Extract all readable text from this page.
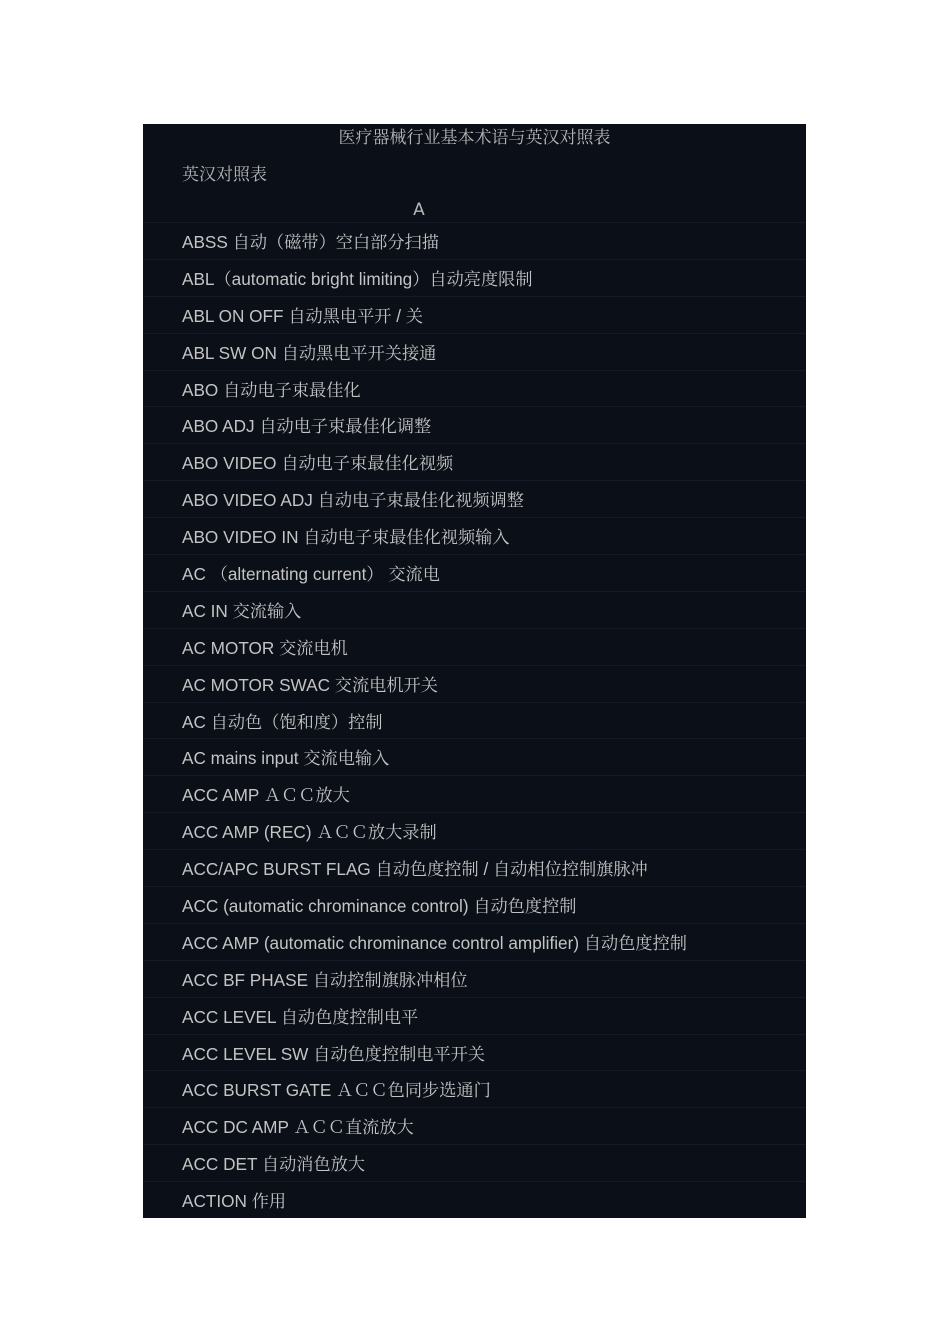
医疗器械行业基本术语与英汉对照表
英汉对照表
A
ABSS 自动（磁带）空白部分扫描
ABL（automatic bright limiting）自动亮度限制
ABL ON OFF 自动黑电平开 / 关
ABL SW ON 自动黑电平开关接通
ABO 自动电子束最佳化
ABO ADJ 自动电子束最佳化调整
ABO VIDEO 自动电子束最佳化视频
ABO VIDEO ADJ 自动电子束最佳化视频调整
ABO VIDEO IN 自动电子束最佳化视频输入
AC （alternating current） 交流电
AC IN 交流输入
AC MOTOR 交流电机
AC MOTOR SWAC 交流电机开关
AC 自动色（饱和度）控制
AC mains input 交流电输入
ACC AMP ＡＣＣ放大
ACC AMP (REC) ＡＣＣ放大录制
ACC/APC BURST FLAG 自动色度控制 / 自动相位控制旗脉冲
ACC (automatic chrominance control) 自动色度控制
ACC AMP (automatic chrominance control amplifier) 自动色度控制
ACC BF PHASE 自动控制旗脉冲相位
ACC LEVEL 自动色度控制电平
ACC LEVEL SW 自动色度控制电平开关
ACC BURST GATE ＡＣＣ色同步选通门
ACC DC AMP ＡＣＣ直流放大
ACC DET 自动消色放大
ACTION 作用
